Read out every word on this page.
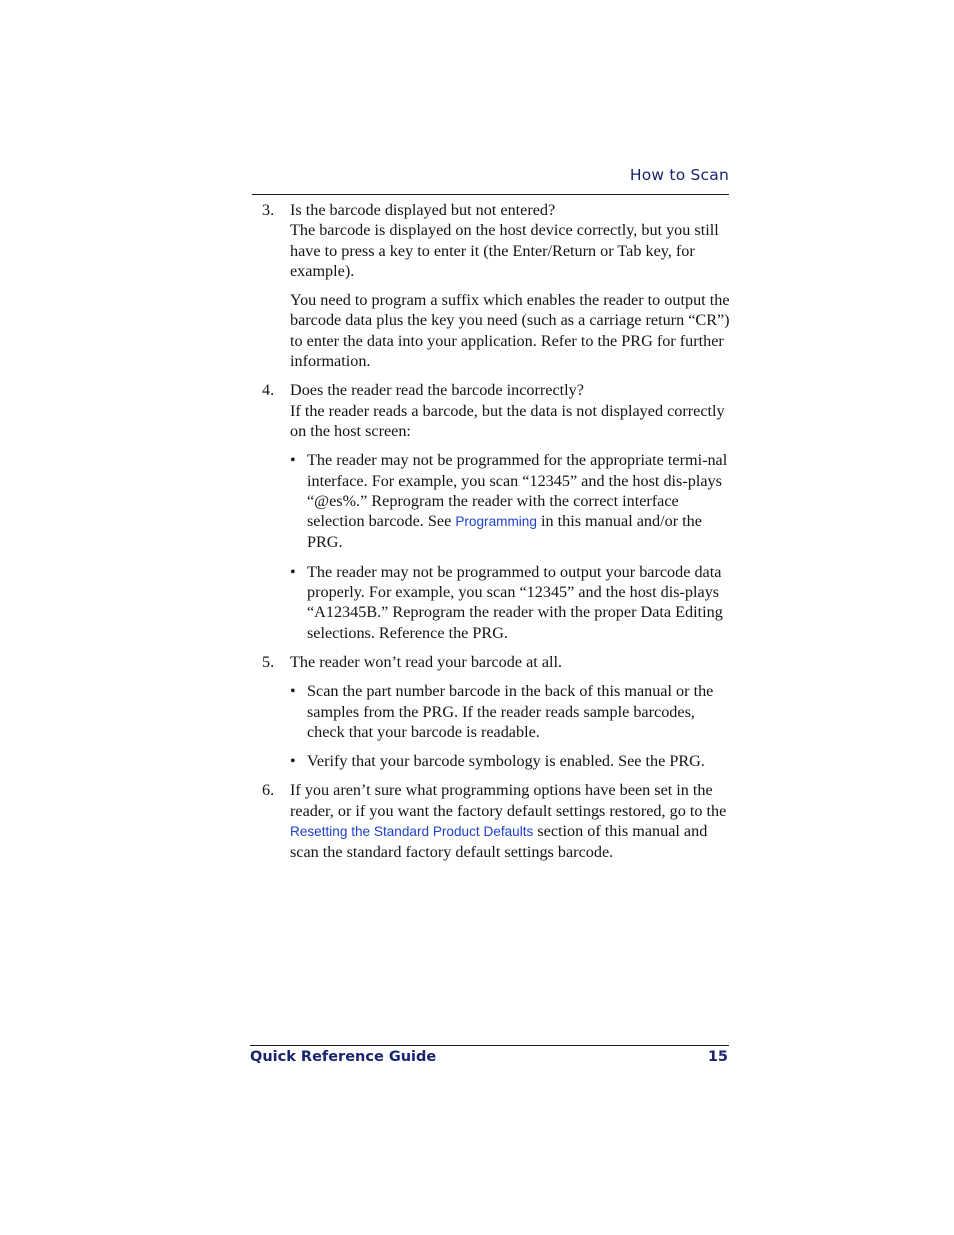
How to Scan
3. Is the barcode displayed but not entered?
The barcode is displayed on the host device correctly, but you still have to press a key to enter it (the Enter/Return or Tab key, for example).

You need to program a suffix which enables the reader to output the barcode data plus the key you need (such as a carriage return “CR”) to enter the data into your application. Refer to the PRG for further information.

4. Does the reader read the barcode incorrectly?
If the reader reads a barcode, but the data is not displayed correctly on the host screen:

• The reader may not be programmed for the appropriate termi-nal interface. For example, you scan “12345” and the host dis-plays “@es%.” Reprogram the reader with the correct interface selection barcode. See Programming in this manual and/or the PRG.
• The reader may not be programmed to output your barcode data properly. For example, you scan “12345” and the host dis-plays “A12345B.” Reprogram the reader with the proper Data Editing selections. Reference the PRG.
5. The reader won’t read your barcode at all.

• Scan the part number barcode in the back of this manual or the samples from the PRG. If the reader reads sample barcodes, check that your barcode is readable.
• Verify that your barcode symbology is enabled. See the PRG.
6. If you aren’t sure what programming options have been set in the reader, or if you want the factory default settings restored, go to the Resetting the Standard Product Defaults section of this manual and scan the standard factory default settings barcode.

Quick Reference Guide	15
